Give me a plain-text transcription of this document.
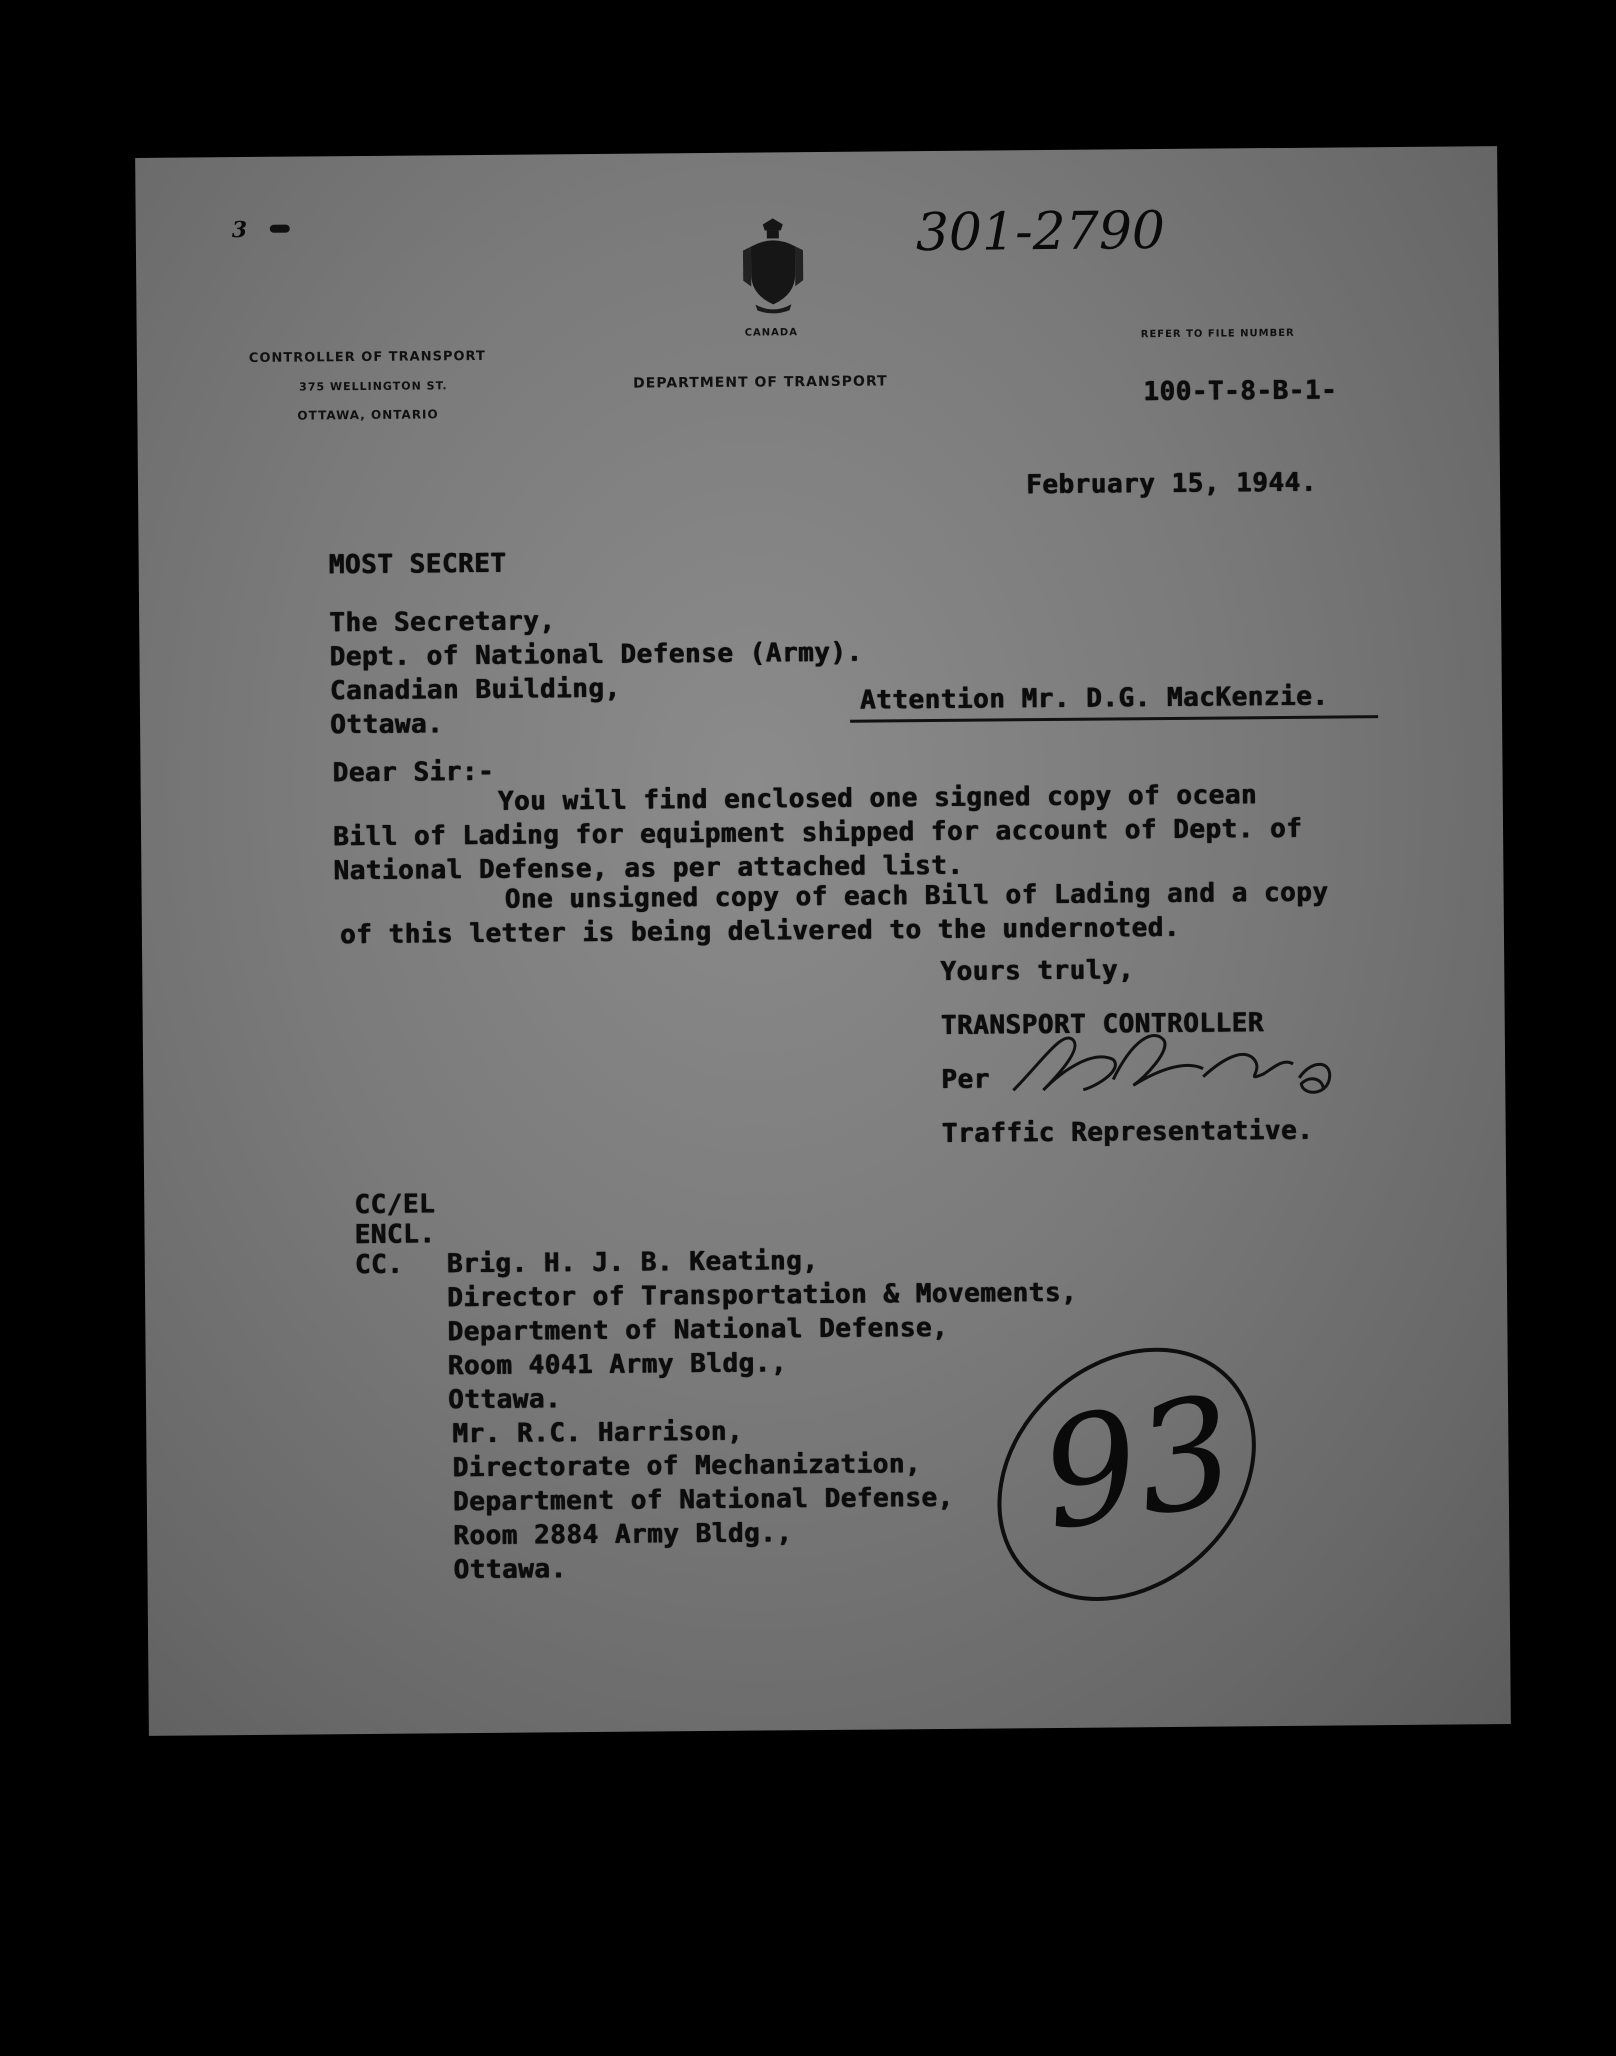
3
CANADA
301-2790
CONTROLLER OF TRANSPORT
375 WELLINGTON ST.
OTTAWA, ONTARIO
DEPARTMENT OF TRANSPORT
REFER TO FILE NUMBER
100-T-8-B-1-
February 15, 1944.
MOST SECRET
The Secretary,
Dept. of National Defense (Army).
Canadian Building,
Ottawa.
Attention Mr. D.G. MacKenzie.
Dear Sir:-
You will find enclosed one signed copy of ocean
Bill of Lading for equipment shipped for account of Dept. of
National Defense, as per attached list.
One unsigned copy of each Bill of Lading and a copy
of this letter is being delivered to the undernoted.
Yours truly,
TRANSPORT CONTROLLER
Per
Traffic Representative.
CC/EL
ENCL.
CC. Brig. H. J. B. Keating,
Director of Transportation & Movements,
Department of National Defense,
Room 4041 Army Bldg.,
Ottawa.
Mr. R.C. Harrison,
Directorate of Mechanization,
Department of National Defense,
Room 2884 Army Bldg.,
Ottawa.
93
